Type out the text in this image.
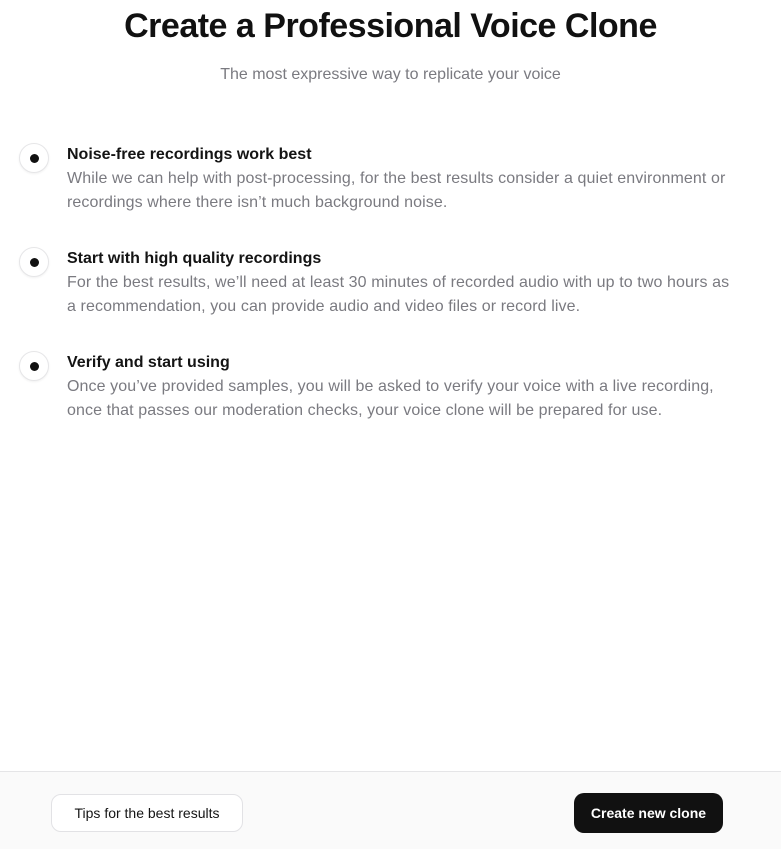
Create a Professional Voice Clone

The most expressive way to replicate your voice

Noise-free recordings work best

While we can help with post-processing, for the best results consider a quiet environment or recordings where there isn’t much background noise.

Start with high quality recordings

For the best results, we’ll need at least 30 minutes of recorded audio with up to two hours as a recommendation, you can provide audio and video files or record live.

Verify and start using

Once you’ve provided samples, you will be asked to verify your voice with a live recording, once that passes our moderation checks, your voice clone will be prepared for use.

Tips for the best results	Create new clone
